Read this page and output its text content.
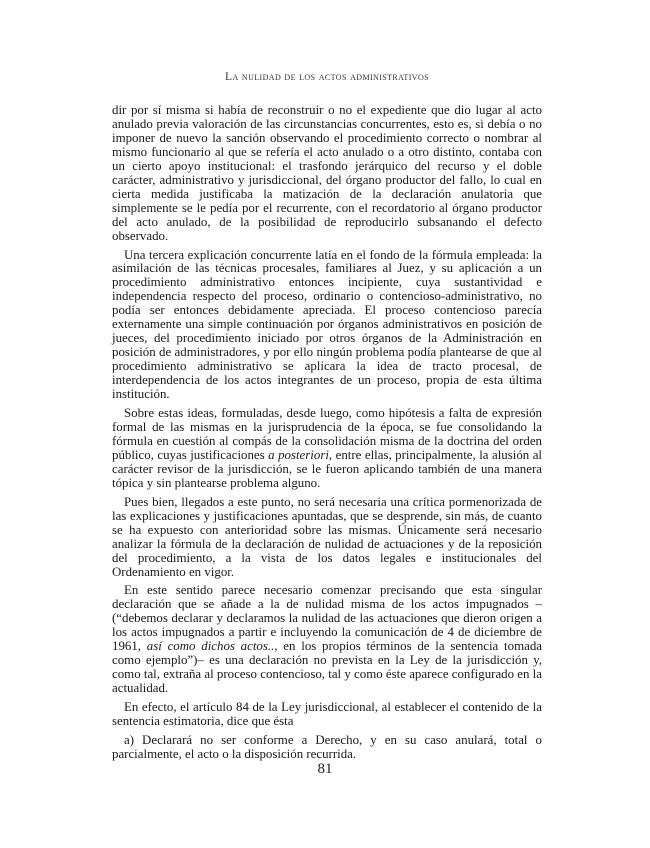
La nulidad de los actos administrativos

dir por sí misma si había de reconstruir o no el expediente que dio lugar al acto anulado previa valoración de las circunstancias concurrentes, esto es, si debía o no imponer de nuevo la sanción observando el procedimiento correcto o nombrar al mismo funcionario al que se refería el acto anulado o a otro distinto, contaba con un cierto apoyo institucional: el trasfondo jerárquico del recurso y el doble carácter, administrativo y jurisdiccional, del órgano productor del fallo, lo cual en cierta medida justificaba la matización de la declaración anulatoria que simplemente se le pedía por el recurrente, con el recordatorio al órgano productor del acto anulado, de la posibilidad de reproducirlo subsanando el defecto observado.

Una tercera explicación concurrente latía en el fondo de la fórmula empleada: la asimilación de las técnicas procesales, familiares al Juez, y su aplicación a un procedimiento administrativo entonces incipiente, cuya sustantividad e independencia respecto del proceso, ordinario o contencioso-administrativo, no podía ser entonces debidamente apreciada. El proceso contencioso parecía externamente una simple continuación por órganos administrativos en posición de jueces, del procedimiento iniciado por otros órganos de la Administración en posición de administradores, y por ello ningún problema podía plantearse de que al procedimiento administrativo se aplicara la idea de tracto procesal, de interdependencia de los actos integrantes de un proceso, propia de esta última institución.

Sobre estas ideas, formuladas, desde luego, como hipótesis a falta de expresión formal de las mismas en la jurisprudencia de la época, se fue consolidando la fórmula en cuestión al compás de la consolidación misma de la doctrina del orden público, cuyas justificaciones a posteriori, entre ellas, principalmente, la alusión al carácter revisor de la jurisdicción, se le fueron aplicando también de una manera tópica y sin plantearse problema alguno.

Pues bien, llegados a este punto, no será necesaria una crítica pormenorizada de las explicaciones y justificaciones apuntadas, que se desprende, sin más, de cuanto se ha expuesto con anterioridad sobre las mismas. Únicamente será necesario analizar la fórmula de la declaración de nulidad de actuaciones y de la reposición del procedimiento, a la vista de los datos legales e institucionales del Ordenamiento en vigor.

En este sentido parece necesario comenzar precisando que esta singular declaración que se añade a la de nulidad misma de los actos impugnados –(“debemos declarar y declaramos la nulidad de las actuaciones que dieron origen a los actos impugnados a partir e incluyendo la comunicación de 4 de diciembre de 1961, así como dichos actos.., en los propios términos de la sentencia tomada como ejemplo”)– es una declaración no prevista en la Ley de la jurisdicción y, como tal, extraña al proceso contencioso, tal y como éste aparece configurado en la actualidad.

En efecto, el artículo 84 de la Ley jurisdiccional, al establecer el contenido de la sentencia estimatoria, dice que ésta

a) Declarará no ser conforme a Derecho, y en su caso anulará, total o parcialmente, el acto o la disposición recurrida.

81
